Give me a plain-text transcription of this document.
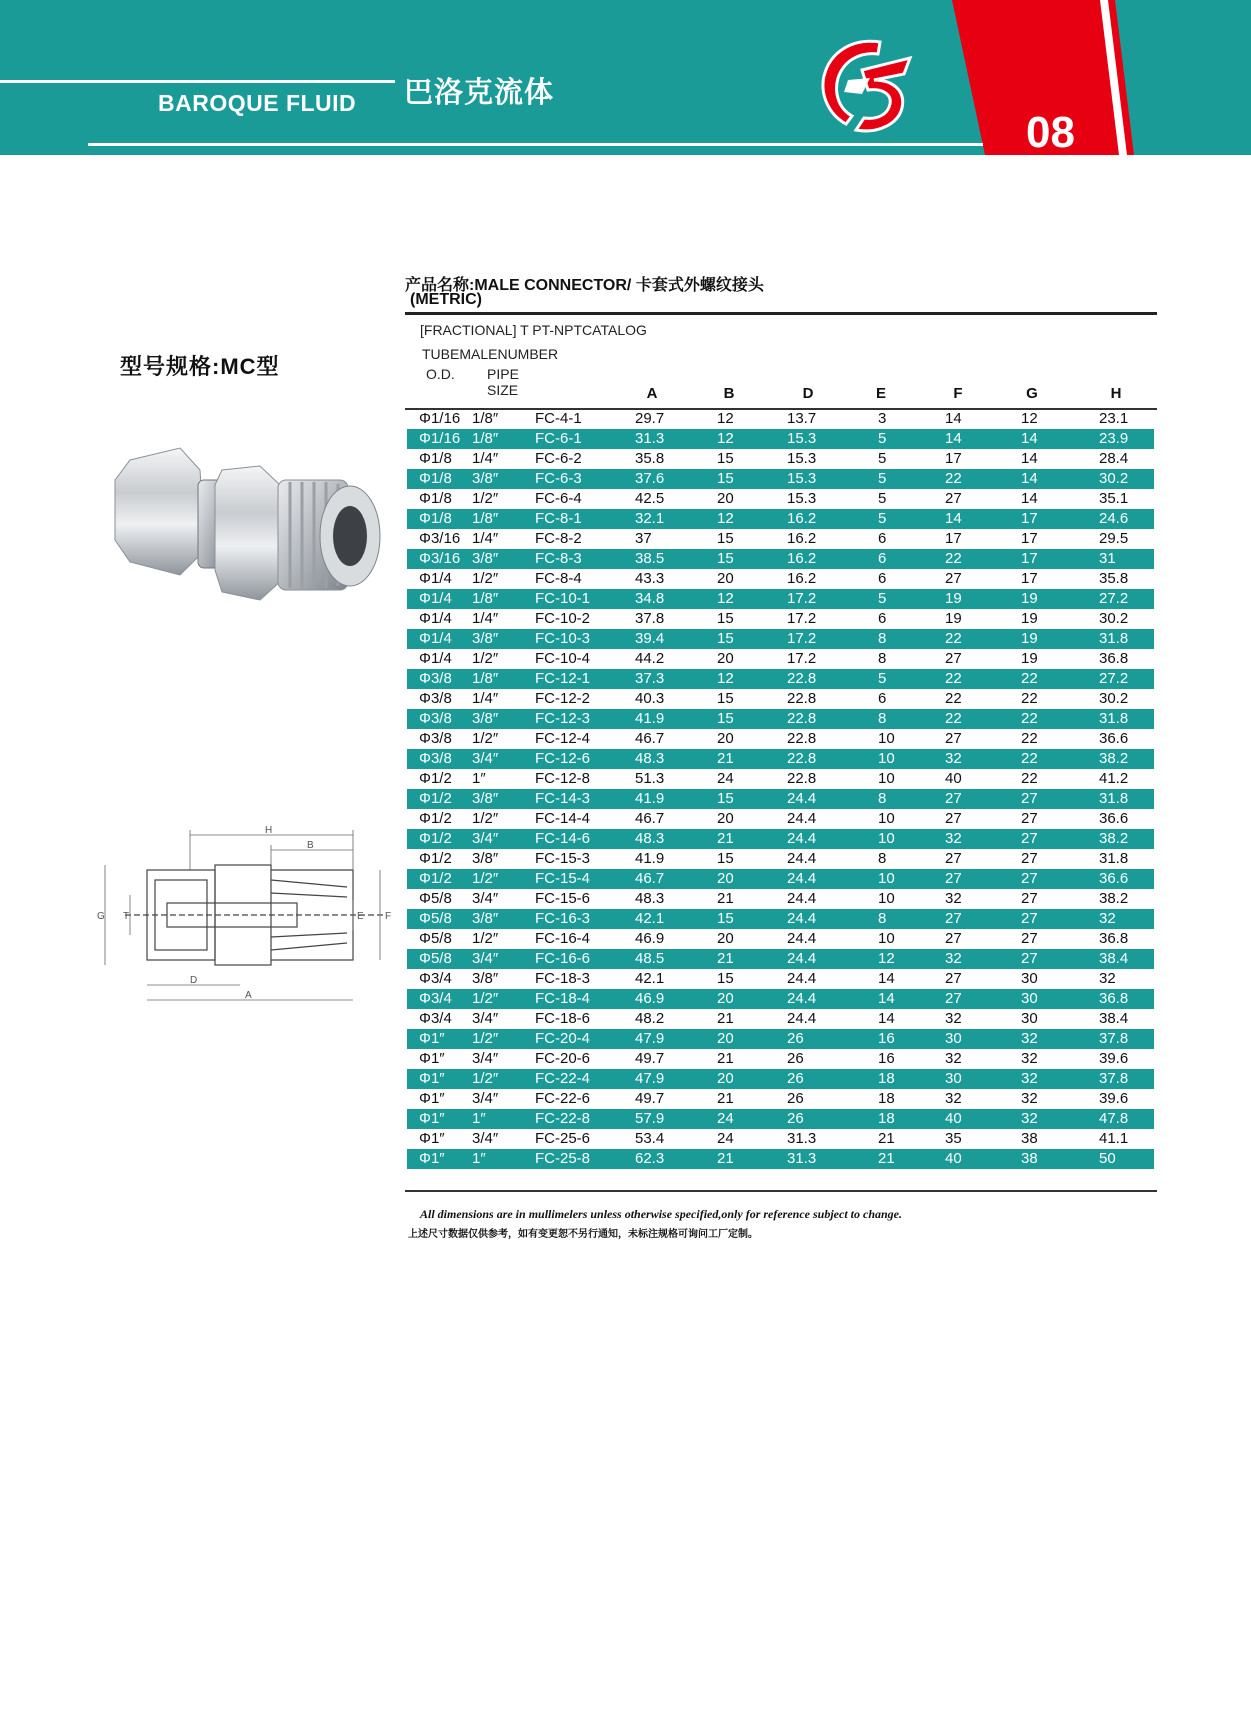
BAROQUE FLUID 巴洛克流体
08
产品名称:MALE CONNECTOR/ 卡套式外螺纹接头
(METRIC)
型号规格:MC型
H
B
G T	E F
D
A
[FRACTIONAL] T PT-NPTCATALOG
TUBEMALENUMBER
O.D. PIPE
SIZE	A	B	D	E	F	G	H
Φ1/16 1/8″ FC-4-1	29.7	12	13.7	3	14	12	23.1
Φ1/16 1/8″ FC-6-1	31.3	12	15.3	5	14	14	23.9
Φ1/8 1/4″ FC-6-2	35.8	15	15.3	5	17	14	28.4
Φ1/8 3/8″ FC-6-3	37.6	15	15.3	5	22	14	30.2
Φ1/8 1/2″ FC-6-4	42.5	20	15.3	5	27	14	35.1
Φ1/8 1/8″ FC-8-1	32.1	12	16.2	5	14	17	24.6
Φ3/16 1/4″ FC-8-2	37	15	16.2	6	17	17	29.5
Φ3/16 3/8″ FC-8-3	38.5	15	16.2	6	22	17	31
Φ1/4 1/2″ FC-8-4	43.3	20	16.2	6	27	17	35.8
Φ1/4 1/8″ FC-10-1	34.8	12	17.2	5	19	19	27.2
Φ1/4 1/4″ FC-10-2	37.8	15	17.2	6	19	19	30.2
Φ1/4 3/8″ FC-10-3	39.4	15	17.2	8	22	19	31.8
Φ1/4 1/2″ FC-10-4	44.2	20	17.2	8	27	19	36.8
Φ3/8 1/8″ FC-12-1	37.3	12	22.8	5	22	22	27.2
Φ3/8 1/4″ FC-12-2	40.3	15	22.8	6	22	22	30.2
Φ3/8 3/8″ FC-12-3	41.9	15	22.8	8	22	22	31.8
Φ3/8 1/2″ FC-12-4	46.7	20	22.8	10	27	22	36.6
Φ3/8 3/4″ FC-12-6	48.3	21	22.8	10	32	22	38.2
Φ1/2 1″	FC-12-8	51.3	24	22.8	10	40	22	41.2
Φ1/2 3/8″ FC-14-3	41.9	15	24.4	8	27	27	31.8
Φ1/2 1/2″ FC-14-4	46.7	20	24.4	10	27	27	36.6
Φ1/2 3/4″ FC-14-6	48.3	21	24.4	10	32	27	38.2
Φ1/2 3/8″ FC-15-3	41.9	15	24.4	8	27	27	31.8
Φ1/2 1/2″ FC-15-4	46.7	20	24.4	10	27	27	36.6
Φ5/8 3/4″ FC-15-6	48.3	21	24.4	10	32	27	38.2
Φ5/8 3/8″ FC-16-3	42.1	15	24.4	8	27	27	32
Φ5/8 1/2″ FC-16-4	46.9	20	24.4	10	27	27	36.8
Φ5/8 3/4″ FC-16-6	48.5	21	24.4	12	32	27	38.4
Φ3/4 3/8″ FC-18-3	42.1	15	24.4	14	27	30	32
Φ3/4 1/2″ FC-18-4	46.9	20	24.4	14	27	30	36.8
Φ3/4 3/4″ FC-18-6	48.2	21	24.4	14	32	30	38.4
Φ1″ 1/2″ FC-20-4	47.9	20	26	16	30	32	37.8
Φ1″ 3/4″ FC-20-6	49.7	21	26	16	32	32	39.6
Φ1″ 1/2″ FC-22-4	47.9	20	26	18	30	32	37.8
Φ1″ 3/4″ FC-22-6	49.7	21	26	18	32	32	39.6
Φ1″ 1″	FC-22-8	57.9	24	26	18	40	32	47.8
Φ1″ 3/4″ FC-25-6	53.4	24	31.3	21	35	38	41.1
Φ1″ 1″	FC-25-8	62.3	21	31.3	21	40	38	50
All dimensions are in mullimelers unless otherwise specified,only for reference subject to change.
上述尺寸数据仅供参考，如有变更恕不另行通知，未标注规格可询问工厂定制。
